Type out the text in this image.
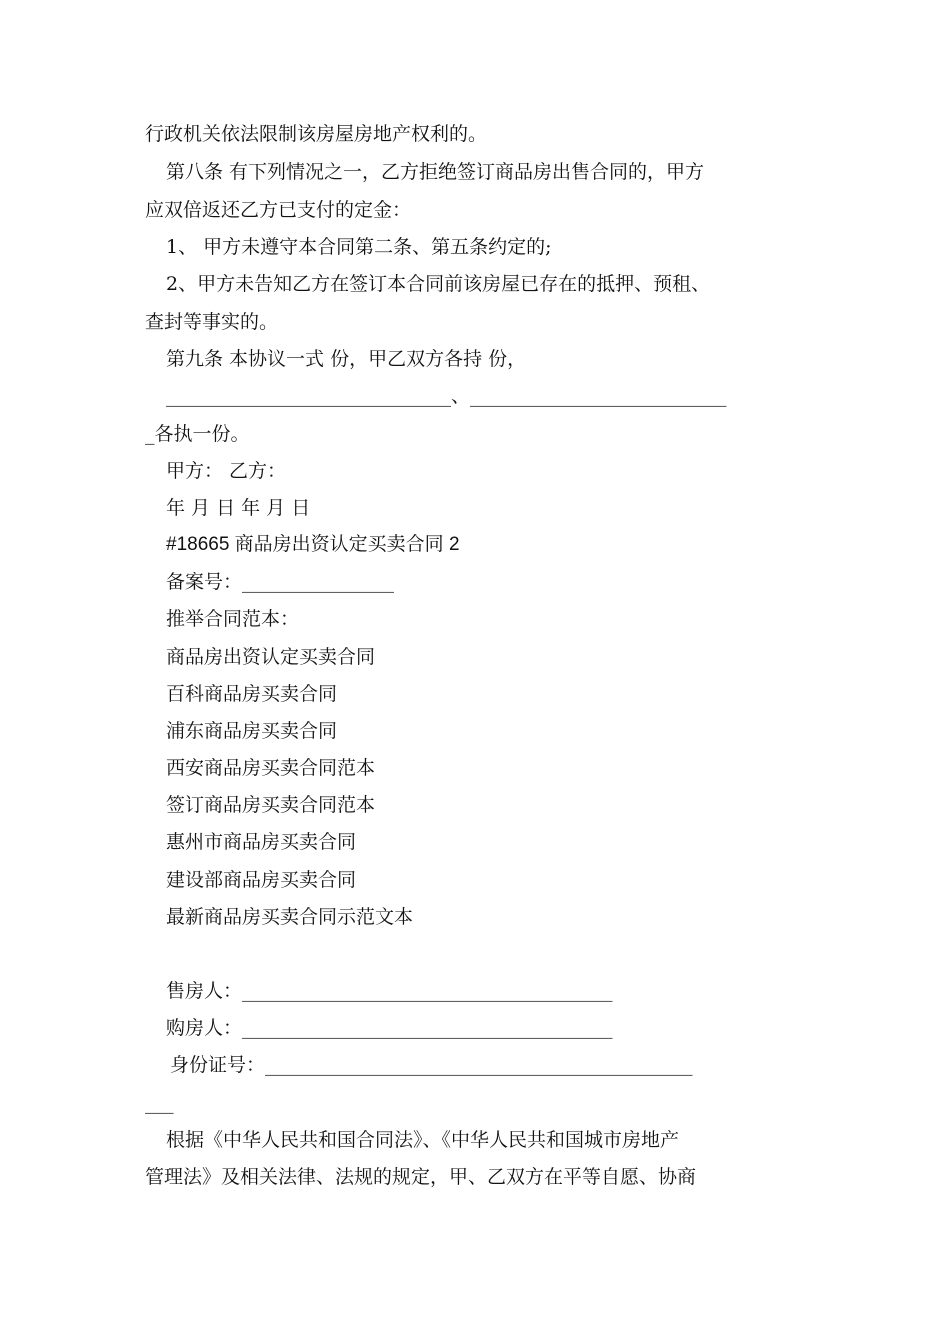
行政机关依法限制该房屋房地产权利的。
第八条 有下列情况之一，乙方拒绝签订商品房出售合同的，甲方
应双倍返还乙方已支付的定金：
1、 甲方未遵守本合同第二条、第五条约定的;
2、甲方未告知乙方在签订本合同前该房屋已存在的抵押、预租、
查封等事实的。
第九条 本协议一式 份，甲乙双方各持 份，
______________________________、___________________________
_各执一份。
甲方： 乙方：
年 月 日 年 月 日
#18665 商品房出资认定买卖合同 2
备案号：________________
推举合同范本：
商品房出资认定买卖合同
百科商品房买卖合同
浦东商品房买卖合同
西安商品房买卖合同范本
签订商品房买卖合同范本
惠州市商品房买卖合同
建设部商品房买卖合同
最新商品房买卖合同示范文本
售房人：_______________________________________
购房人：_______________________________________
身份证号：_____________________________________________
___
根据《中华人民共和国合同法》、《中华人民共和国城市房地产
管理法》及相关法律、法规的规定，甲、乙双方在平等自愿、协商
